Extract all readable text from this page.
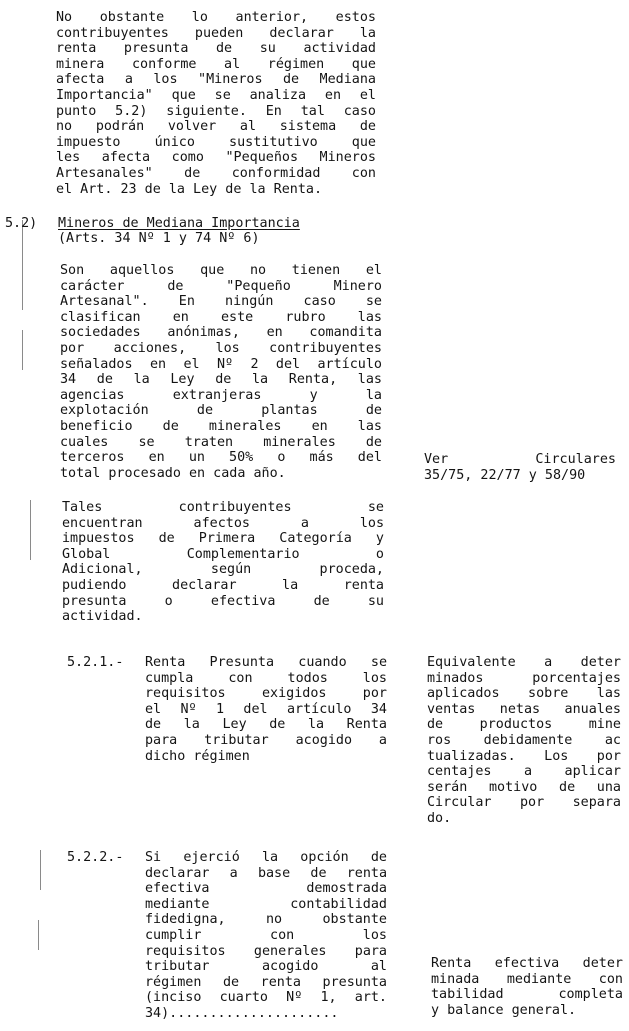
No obstante lo anterior, estos
contribuyentes pueden declarar la
renta presunta de su actividad
minera conforme al régimen que
afecta a los "Mineros de Mediana
Importancia" que se analiza en el
punto 5.2) siguiente. En tal caso
no podrán volver al sistema de
impuesto único sustitutivo que
les afecta como "Pequeños Mineros
Artesanales" de conformidad con
el Art. 23 de la Ley de la Renta.
5.2) Mineros de Mediana Importancia
(Arts. 34 Nº 1 y 74 Nº 6)
Son aquellos que no tienen el
carácter de "Pequeño Minero
Artesanal". En ningún caso se
clasifican en este rubro las
sociedades anónimas, en comandita
por acciones, los contribuyentes
señalados en el Nº 2 del artículo
34 de la Ley de la Renta, las
agencias extranjeras y la
explotación de plantas de
beneficio de minerales en las
cuales se traten minerales de
terceros en un 50% o más del
total procesado en cada año.
Ver Circulares
35/75, 22/77 y 58/90
Tales contribuyentes se
encuentran afectos a los
impuestos de Primera Categoría y
Global Complementario o
Adicional, según proceda,
pudiendo declarar la renta
presunta o efectiva de su
actividad.
5.2.1.- Renta Presunta cuando se
cumpla con todos los
requisitos exigidos por
el Nº 1 del artículo 34
de la Ley de la Renta
para tributar acogido a
dicho régimen
Equivalente a deter
minados porcentajes
aplicados sobre las
ventas netas anuales
de productos mine
ros debidamente ac
tualizadas. Los por
centajes a aplicar
serán motivo de una
Circular por separa
do.
5.2.2.- Si ejerció la opción de
declarar a base de renta
efectiva demostrada
mediante contabilidad
fidedigna, no obstante
cumplir con los
requisitos generales para
tributar acogido al
régimen de renta presunta
(inciso cuarto Nº 1, art.
34).....................
Renta efectiva deter
minada mediante con
tabilidad completa
y balance general.
